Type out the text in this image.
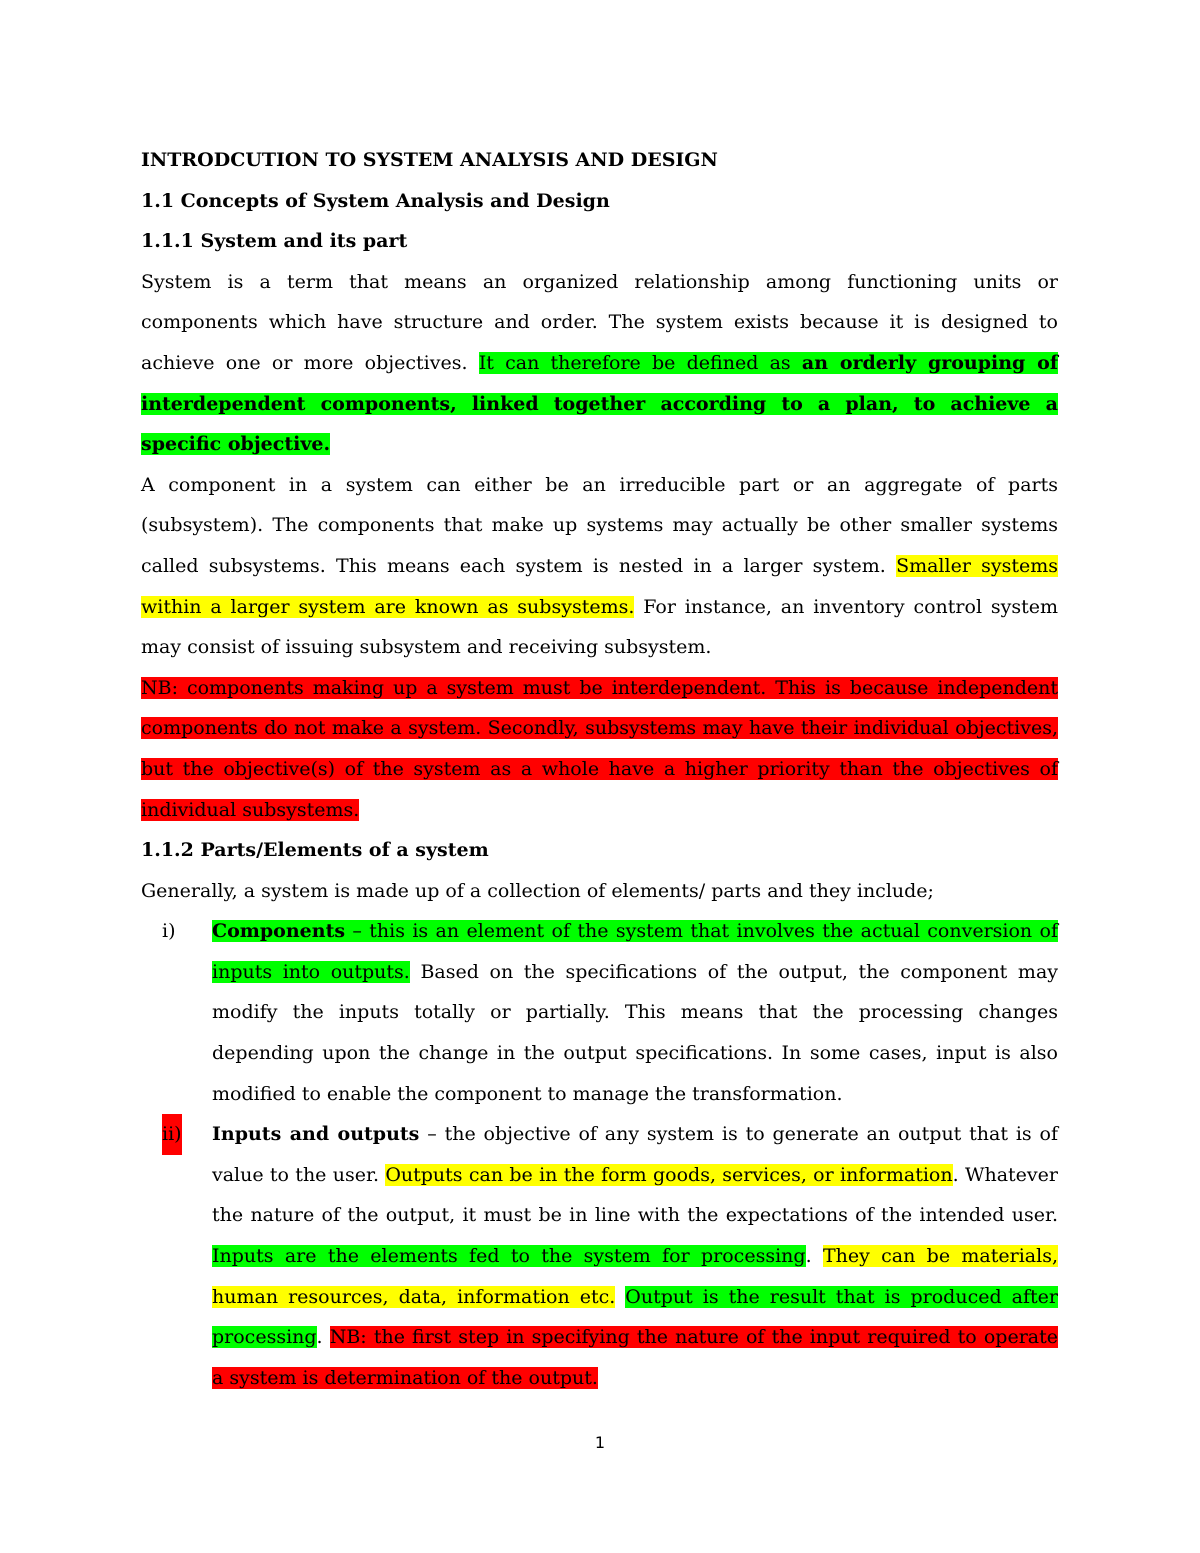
INTRODCUTION TO SYSTEM ANALYSIS AND DESIGN

1.1 Concepts of System Analysis and Design

1.1.1 System and its part

System is a term that means an organized relationship among functioning units or components which have structure and order. The system exists because it is designed to achieve one or more objectives. It can therefore be defined as an orderly grouping of interdependent components, linked together according to a plan, to achieve a specific objective.

A component in a system can either be an irreducible part or an aggregate of parts (subsystem). The components that make up systems may actually be other smaller systems called subsystems. This means each system is nested in a larger system. Smaller systems within a larger system are known as subsystems. For instance, an inventory control system may consist of issuing subsystem and receiving subsystem.

NB: components making up a system must be interdependent. This is because independent components do not make a system. Secondly, subsystems may have their individual objectives, but the objective(s) of the system as a whole have a higher priority than the objectives of individual subsystems.

1.1.2 Parts/Elements of a system

Generally, a system is made up of a collection of elements/ parts and they include;

i) Components – this is an element of the system that involves the actual conversion of inputs into outputs. Based on the specifications of the output, the component may modify the inputs totally or partially. This means that the processing changes depending upon the change in the output specifications. In some cases, input is also modified to enable the component to manage the transformation.
ii) Inputs and outputs – the objective of any system is to generate an output that is of value to the user. Outputs can be in the form goods, services, or information. Whatever the nature of the output, it must be in line with the expectations of the intended user. Inputs are the elements fed to the system for processing. They can be materials, human resources, data, information etc. Output is the result that is produced after processing. NB: the first step in specifying the nature of the input required to operate a system is determination of the output.
1
